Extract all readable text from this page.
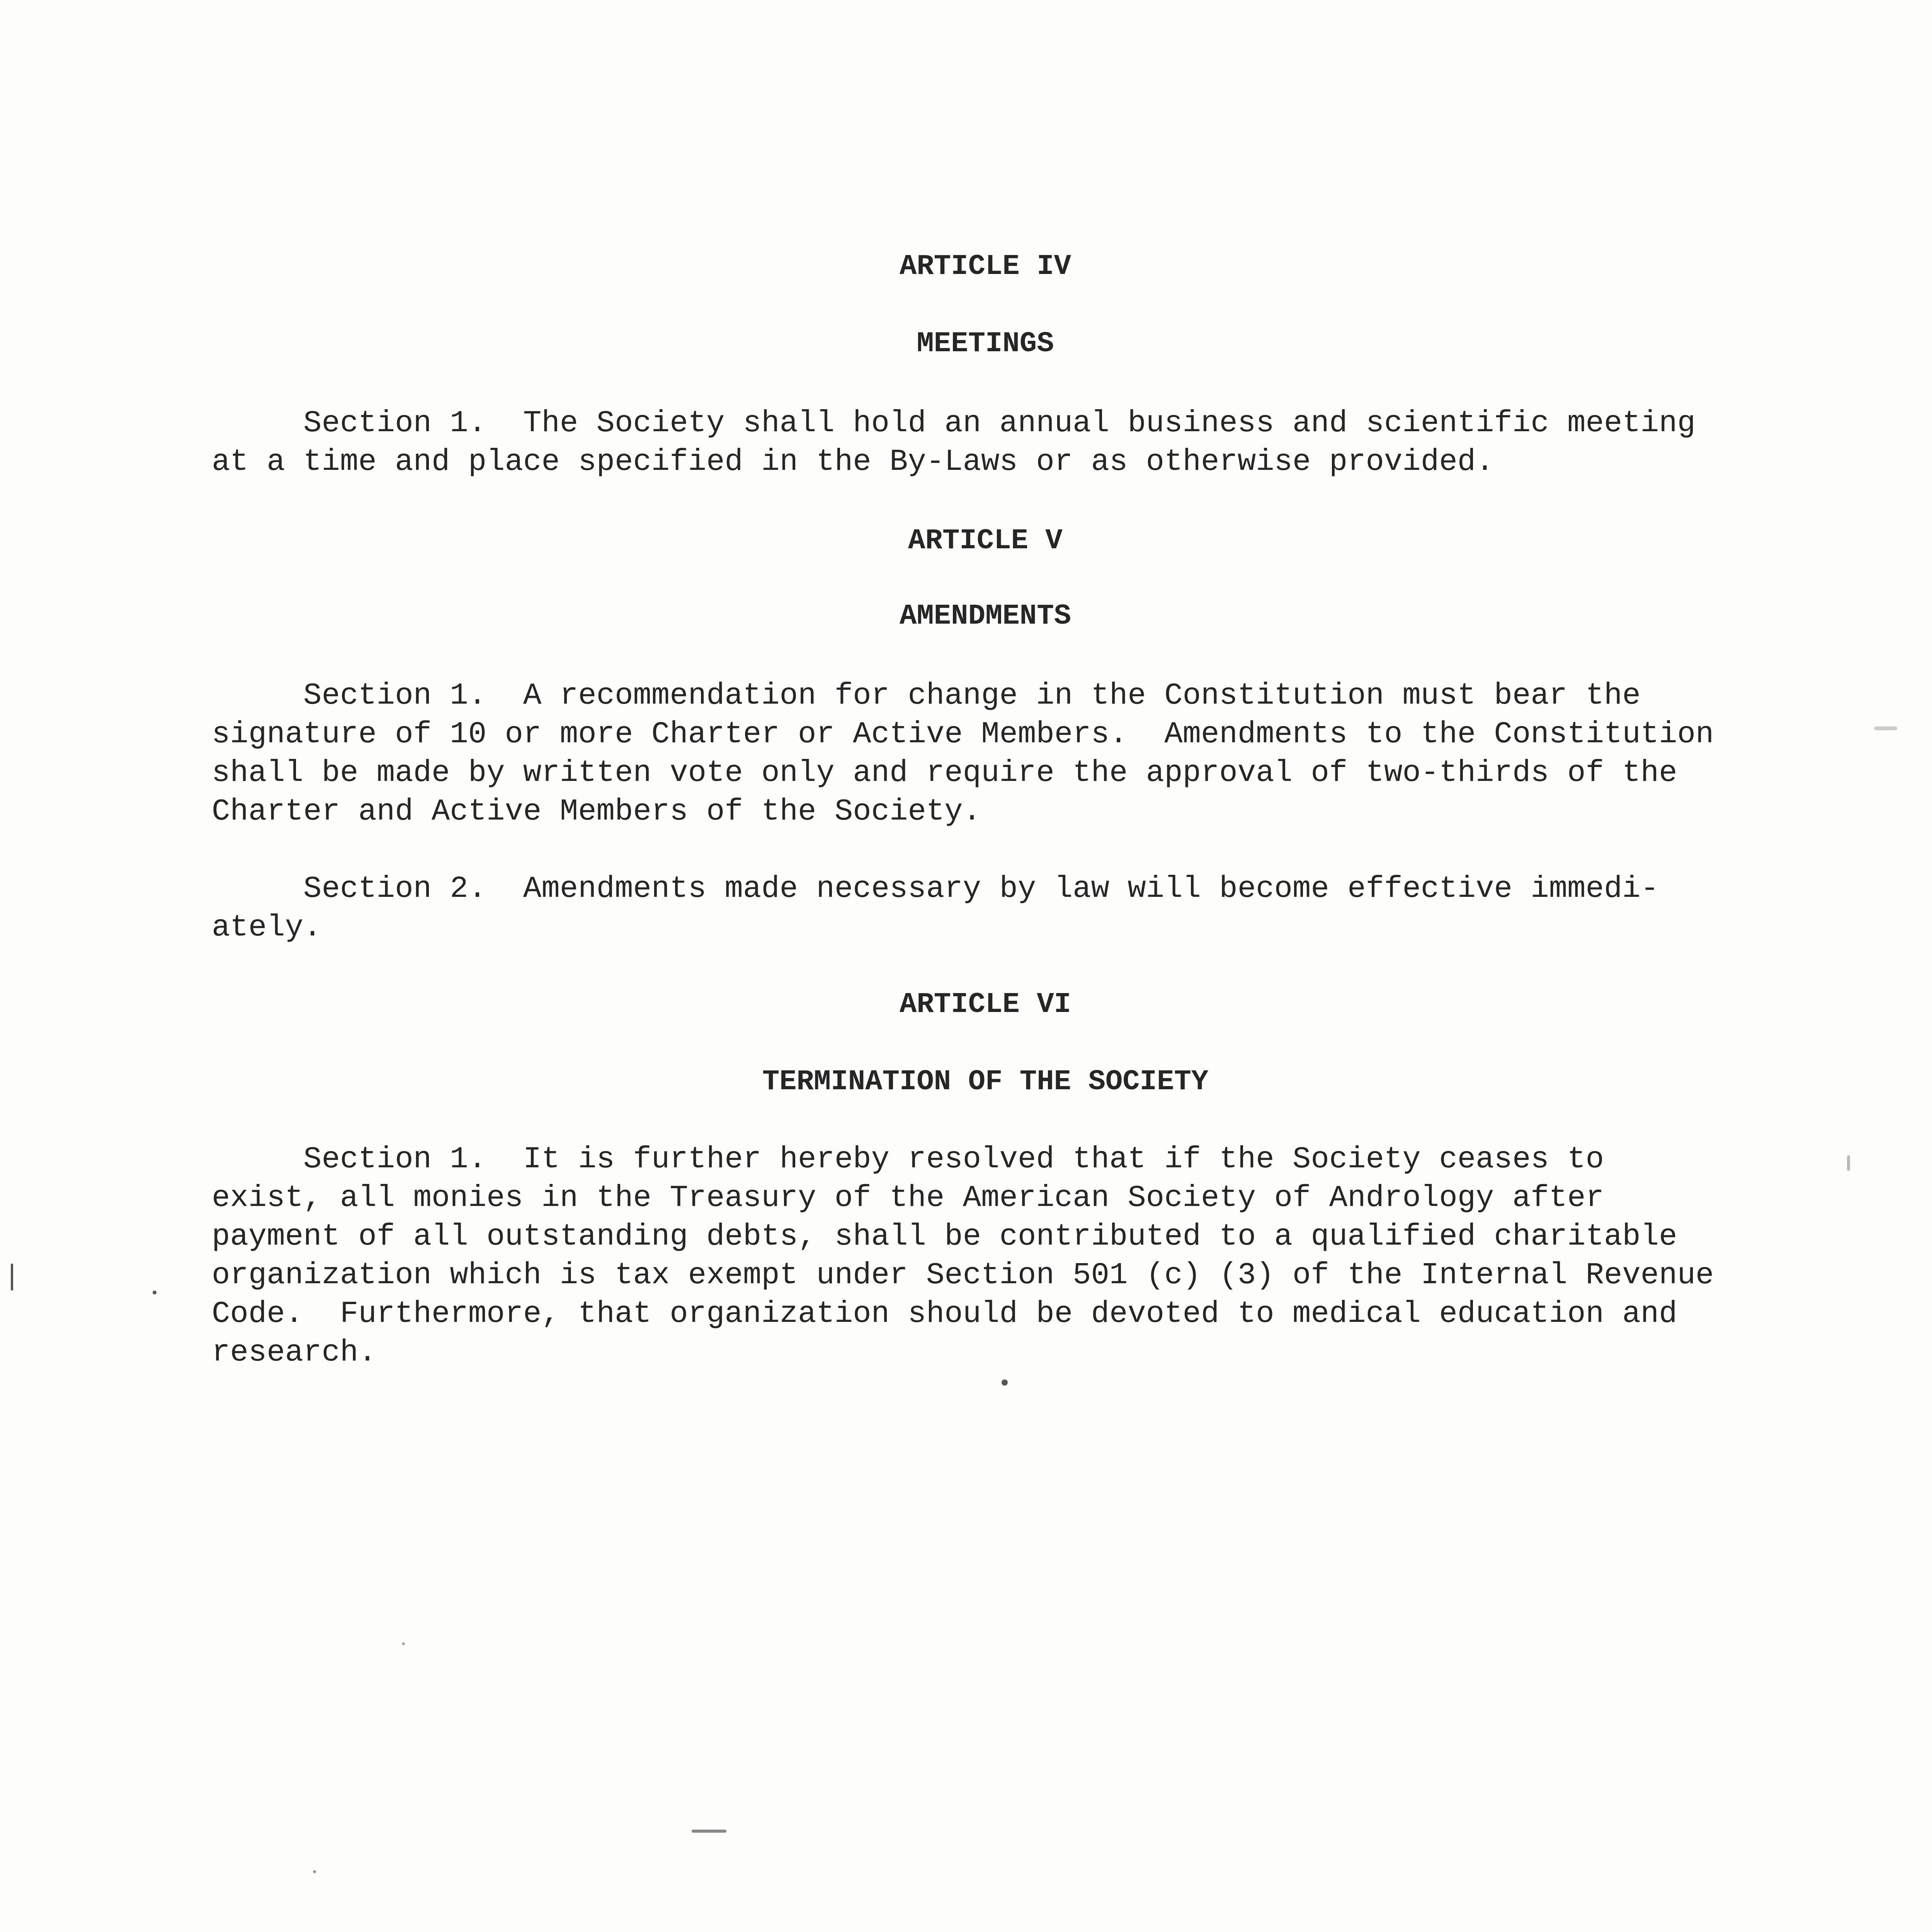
ARTICLE IV
MEETINGS
Section 1.  The Society shall hold an annual business and scientific meeting
at a time and place specified in the By-Laws or as otherwise provided.
ARTICLE V
AMENDMENTS
Section 1.  A recommendation for change in the Constitution must bear the
signature of 10 or more Charter or Active Members.  Amendments to the Constitution
shall be made by written vote only and require the approval of two-thirds of the
Charter and Active Members of the Society.
Section 2.  Amendments made necessary by law will become effective immedi-
ately.
ARTICLE VI
TERMINATION OF THE SOCIETY
Section 1.  It is further hereby resolved that if the Society ceases to
exist, all monies in the Treasury of the American Society of Andrology after
payment of all outstanding debts, shall be contributed to a qualified charitable
organization which is tax exempt under Section 501 (c) (3) of the Internal Revenue
Code.  Furthermore, that organization should be devoted to medical education and
research.
